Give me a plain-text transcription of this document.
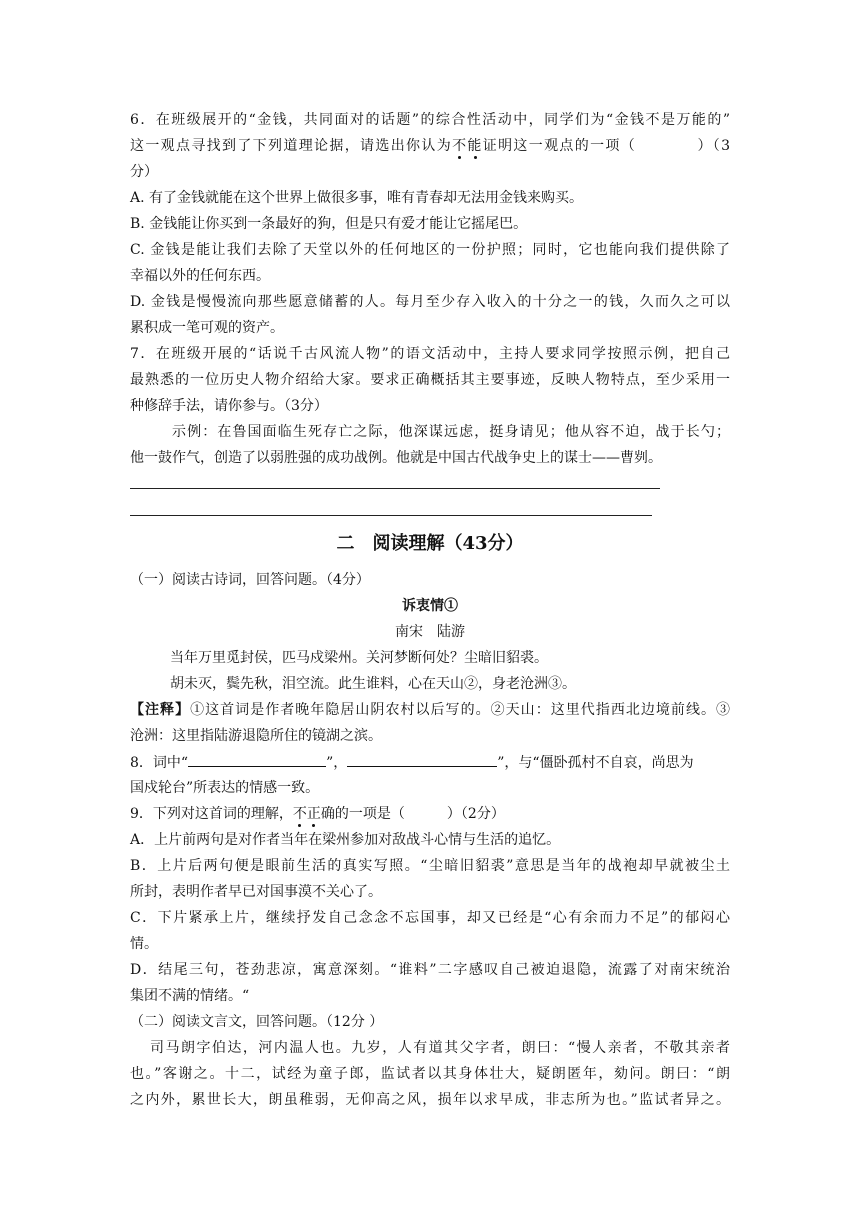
6．在班级展开的“金钱，共同面对的话题”的综合性活动中，同学们为“金钱不是万能的”
这一观点寻找到了下列道理论据，请选出你认为不能证明这一观点的一项（　　　　）（3
分）
A. 有了金钱就能在这个世界上做很多事，唯有青春却无法用金钱来购买。
B. 金钱能让你买到一条最好的狗，但是只有爱才能让它摇尾巴。
C. 金钱是能让我们去除了天堂以外的任何地区的一份护照；同时，它也能向我们提供除了
幸福以外的任何东西。
D. 金钱是慢慢流向那些愿意储蓄的人。每月至少存入收入的十分之一的钱，久而久之可以
累积成一笔可观的资产。
7．在班级开展的“话说千古风流人物”的语文活动中，主持人要求同学按照示例，把自己
最熟悉的一位历史人物介绍给大家。要求正确概括其主要事迹，反映人物特点，至少采用一
种修辞手法，请你参与。（3分）
示例：在鲁国面临生死存亡之际，他深谋远虑，挺身请见；他从容不迫，战于长勺；
他一鼓作气，创造了以弱胜强的成功战例。他就是中国古代战争史上的谋士——曹刿。
二　阅读理解（43分）
（一）阅读古诗词，回答问题。（4分）
诉衷情①
南宋　陆游
当年万里觅封侯，匹马戍梁州。关河梦断何处？尘暗旧貂裘。
胡未灭，鬓先秋，泪空流。此生谁料，心在天山②，身老沧洲③。
【注释】①这首词是作者晚年隐居山阴农村以后写的。②天山：这里代指西北边境前线。③
沧洲：这里指陆游退隐所住的镜湖之滨。
8．词中“	”，	”，与“僵卧孤村不自哀，尚思为
国戍轮台”所表达的情感一致。
9．下列对这首词的理解，不正确的一项是（　　　）（2分）
A．上片前两句是对作者当年在梁州参加对敌战斗心情与生活的追忆。
B．上片后两句便是眼前生活的真实写照。“尘暗旧貂裘”意思是当年的战袍却早就被尘土
所封，表明作者早已对国事漠不关心了。
C．下片紧承上片，继续抒发自己念念不忘国事，却又已经是“心有余而力不足”的郁闷心
情。
D．结尾三句，苍劲悲凉，寓意深刻。“谁料”二字感叹自己被迫退隐，流露了对南宋统治
集团不满的情绪。“
（二）阅读文言文，回答问题。（12分 ）
司马朗字伯达，河内温人也。九岁，人有道其父字者，朗曰：“慢人亲者，不敬其亲者
也。”客谢之。十二，试经为童子郎，监试者以其身体壮大，疑朗匿年，劾问。朗曰：“朗
之内外，累世长大，朗虽稚弱，无仰高之风，损年以求早成，非志所为也。”监试者异之。
